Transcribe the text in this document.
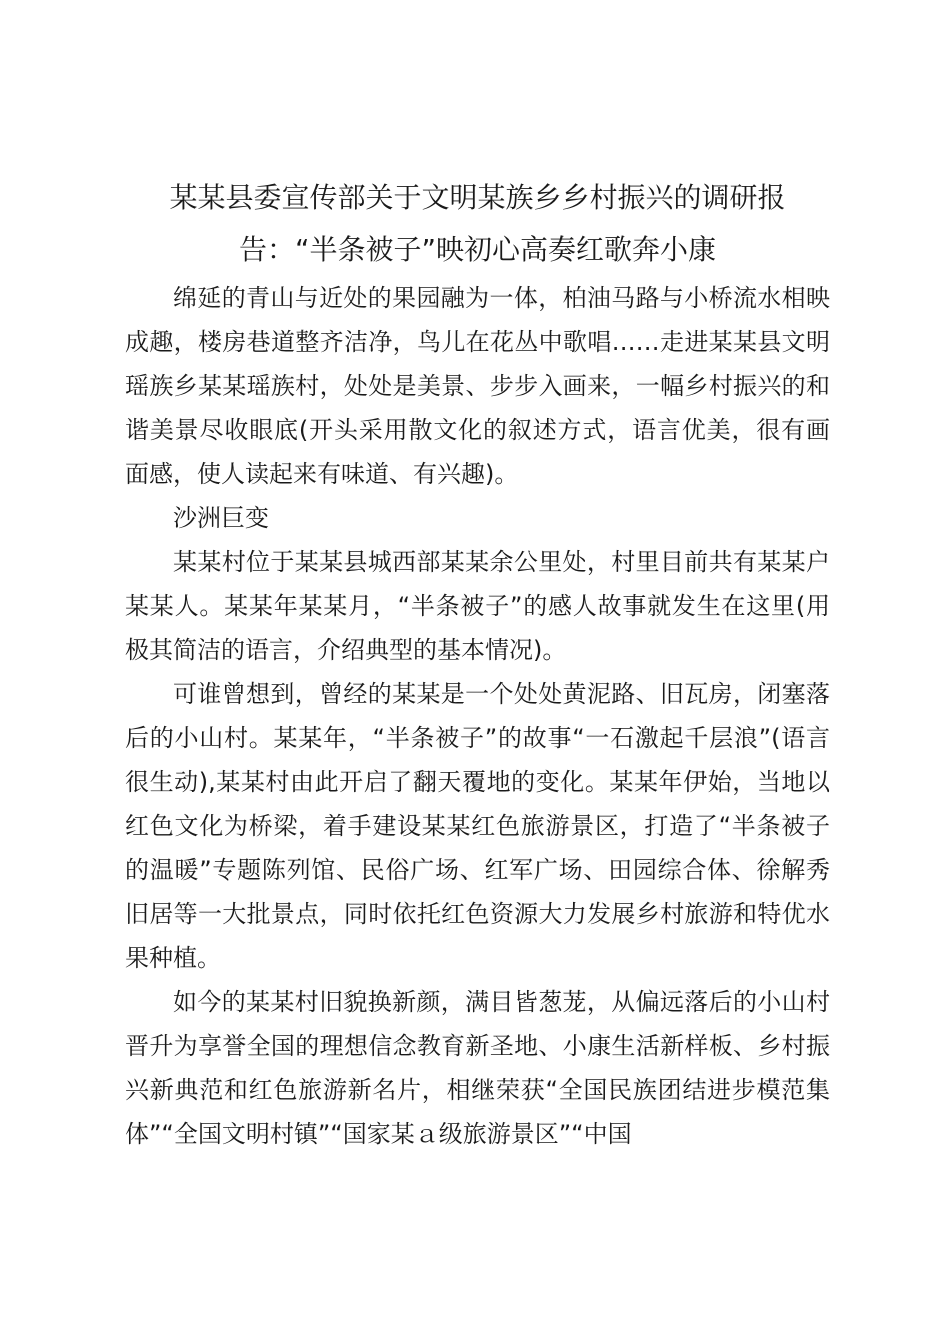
某某县委宣传部关于文明某族乡乡村振兴的调研报告：“半条被子”映初心高奏红歌奔小康

绵延的青山与近处的果园融为一体，柏油马路与小桥流水相映成趣，楼房巷道整齐洁净，鸟儿在花丛中歌唱……走进某某县文明瑶族乡某某瑶族村，处处是美景、步步入画来，一幅乡村振兴的和谐美景尽收眼底(开头采用散文化的叙述方式，语言优美，很有画面感，使人读起来有味道、有兴趣)。

沙洲巨变

某某村位于某某县城西部某某余公里处，村里目前共有某某户某某人。某某年某某月，“半条被子”的感人故事就发生在这里(用极其简洁的语言，介绍典型的基本情况)。

可谁曾想到，曾经的某某是一个处处黄泥路、旧瓦房，闭塞落后的小山村。某某年，“半条被子”的故事“一石激起千层浪”(语言很生动),某某村由此开启了翻天覆地的变化。某某年伊始，当地以红色文化为桥梁，着手建设某某红色旅游景区，打造了“半条被子的温暖”专题陈列馆、民俗广场、红军广场、田园综合体、徐解秀旧居等一大批景点，同时依托红色资源大力发展乡村旅游和特优水果种植。

如今的某某村旧貌换新颜，满目皆葱茏，从偏远落后的小山村晋升为享誉全国的理想信念教育新圣地、小康生活新样板、乡村振兴新典范和红色旅游新名片，相继荣获“全国民族团结进步模范集体”“全国文明村镇”“国家某ａ级旅游景区”“中国
